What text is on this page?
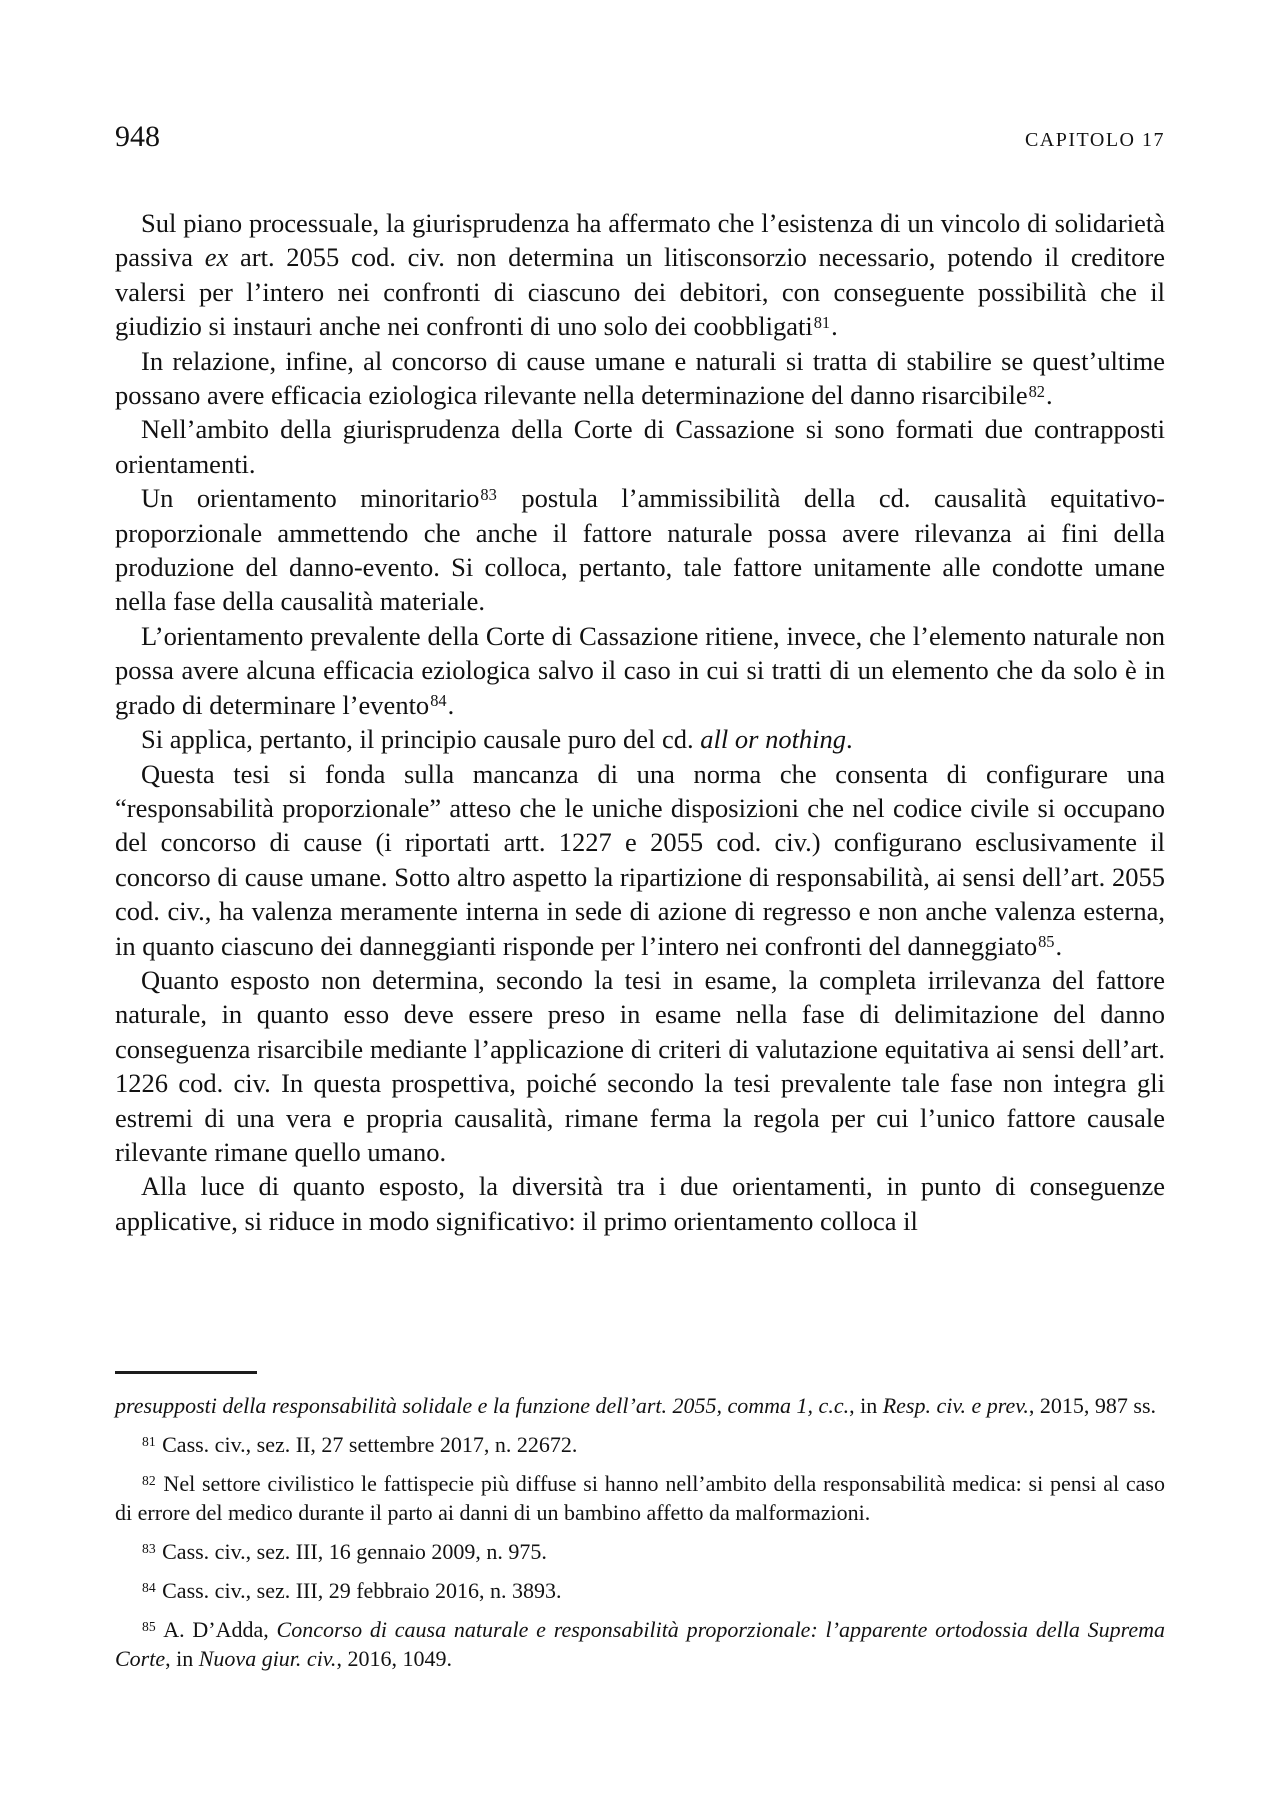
948	CAPITOLO 17

Sul piano processuale, la giurisprudenza ha affermato che l’esistenza di un vincolo di solidarietà passiva ex art. 2055 cod. civ. non determina un litisconsorzio necessario, potendo il creditore valersi per l’intero nei confronti di ciascuno dei debitori, con conseguente possibilità che il giudizio si instauri anche nei confronti di uno solo dei coobbligati$^{81}$.

In relazione, infine, al concorso di cause umane e naturali si tratta di stabilire se quest’ultime possano avere efficacia eziologica rilevante nella determinazione del danno risarcibile$^{82}$.

Nell’ambito della giurisprudenza della Corte di Cassazione si sono formati due contrapposti orientamenti.

Un orientamento minoritario$^{83}$ postula l’ammissibilità della cd. causalità equitativo-proporzionale ammettendo che anche il fattore naturale possa avere rilevanza ai fini della produzione del danno-evento. Si colloca, pertanto, tale fattore unitamente alle condotte umane nella fase della causalità materiale.

L’orientamento prevalente della Corte di Cassazione ritiene, invece, che l’elemento naturale non possa avere alcuna efficacia eziologica salvo il caso in cui si tratti di un elemento che da solo è in grado di determinare l’evento$^{84}$.

Si applica, pertanto, il principio causale puro del cd. all or nothing.

Questa tesi si fonda sulla mancanza di una norma che consenta di configurare una “responsabilità proporzionale” atteso che le uniche disposizioni che nel codice civile si occupano del concorso di cause (i riportati artt. 1227 e 2055 cod. civ.) configurano esclusivamente il concorso di cause umane. Sotto altro aspetto la ripartizione di responsabilità, ai sensi dell’art. 2055 cod. civ., ha valenza meramente interna in sede di azione di regresso e non anche valenza esterna, in quanto ciascuno dei danneggianti risponde per l’intero nei confronti del danneggiato$^{85}$.

Quanto esposto non determina, secondo la tesi in esame, la completa irrilevanza del fattore naturale, in quanto esso deve essere preso in esame nella fase di delimitazione del danno conseguenza risarcibile mediante l’applicazione di criteri di valutazione equitativa ai sensi dell’art. 1226 cod. civ. In questa prospettiva, poiché secondo la tesi prevalente tale fase non integra gli estremi di una vera e propria causalità, rimane ferma la regola per cui l’unico fattore causale rilevante rimane quello umano.

Alla luce di quanto esposto, la diversità tra i due orientamenti, in punto di conseguenze applicative, si riduce in modo significativo: il primo orientamento colloca il

presupposti della responsabilità solidale e la funzione dell’art. 2055, comma 1, c.c., in Resp. civ. e prev., 2015, 987 ss.

$^{81}$ Cass. civ., sez. II, 27 settembre 2017, n. 22672.

$^{82}$ Nel settore civilistico le fattispecie più diffuse si hanno nell’ambito della responsabilità medica: si pensi al caso di errore del medico durante il parto ai danni di un bambino affetto da malformazioni.

$^{83}$ Cass. civ., sez. III, 16 gennaio 2009, n. 975.

$^{84}$ Cass. civ., sez. III, 29 febbraio 2016, n. 3893.

$^{85}$ A. D’Adda, Concorso di causa naturale e responsabilità proporzionale: l’apparente ortodossia della Suprema Corte, in Nuova giur. civ., 2016, 1049.
